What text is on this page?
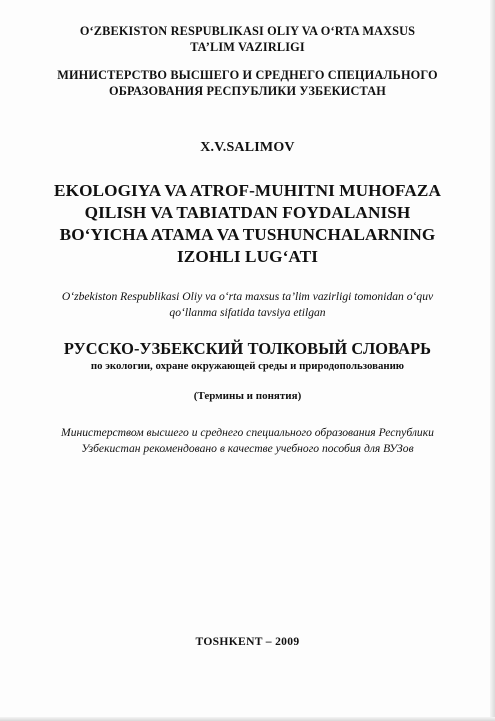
O‘ZBEKISTON RESPUBLIKASI OLIY VA O‘RTA MAXSUS
TA’LIM VAZIRLIGI
МИНИСТЕРСТВО ВЫСШЕГО И СРЕДНЕГО СПЕЦИАЛЬНОГО
ОБРАЗОВАНИЯ РЕСПУБЛИКИ УЗБЕКИСТАН
X.V.SALIMOV
EKOLOGIYA VA ATROF-MUHITNI MUHOFAZA
QILISH VA TABIATDAN FOYDALANISH
BO‘YICHA ATAMA VA TUSHUNCHALARNING
IZOHLI LUG‘ATI
O‘zbekiston Respublikasi Oliy va o‘rta maxsus ta’lim vazirligi tomonidan o‘quv
qo‘llanma sifatida tavsiya etilgan
РУССКО-УЗБЕКСКИЙ ТОЛКОВЫЙ СЛОВАРЬ
по экологии, охране окружающей среды и природопользованию
(Термины и понятия)
Министерством высшего и среднего специального образования Республики
Узбекистан рекомендовано в качестве учебного пособия для ВУЗов
TOSHKENT – 2009
